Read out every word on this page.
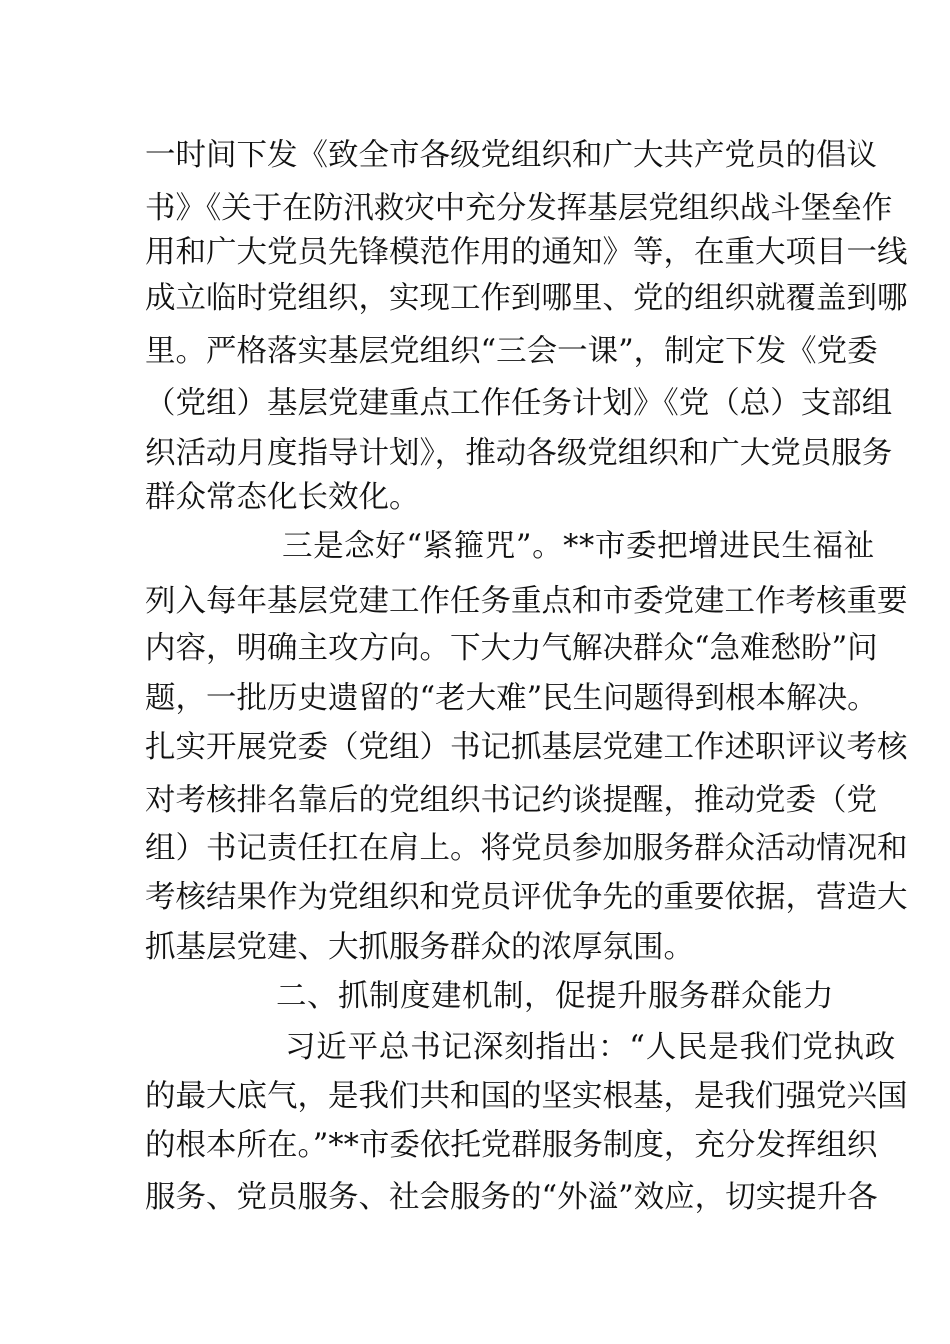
一时间下发《致全市各级党组织和广大共产党员的倡议
书》《关于在防汛救灾中充分发挥基层党组织战斗堡垒作
用和广大党员先锋模范作用的通知》等，在重大项目一线
成立临时党组织，实现工作到哪里、党的组织就覆盖到哪
里。严格落实基层党组织“三会一课”，制定下发《党委
（党组）基层党建重点工作任务计划》《党（总）支部组
织活动月度指导计划》，推动各级党组织和广大党员服务
群众常态化长效化。
三是念好“紧箍咒”。**市委把增进民生福祉
列入每年基层党建工作任务重点和市委党建工作考核重要
内容，明确主攻方向。下大力气解决群众“急难愁盼”问
题，一批历史遗留的“老大难”民生问题得到根本解决。
扎实开展党委（党组）书记抓基层党建工作述职评议考核
对考核排名靠后的党组织书记约谈提醒，推动党委（党
组）书记责任扛在肩上。将党员参加服务群众活动情况和
考核结果作为党组织和党员评优争先的重要依据，营造大
抓基层党建、大抓服务群众的浓厚氛围。
二、抓制度建机制，促提升服务群众能力
习近平总书记深刻指出：“人民是我们党执政
的最大底气，是我们共和国的坚实根基，是我们强党兴国
的根本所在。”**市委依托党群服务制度，充分发挥组织
服务、党员服务、社会服务的“外溢”效应，切实提升各
